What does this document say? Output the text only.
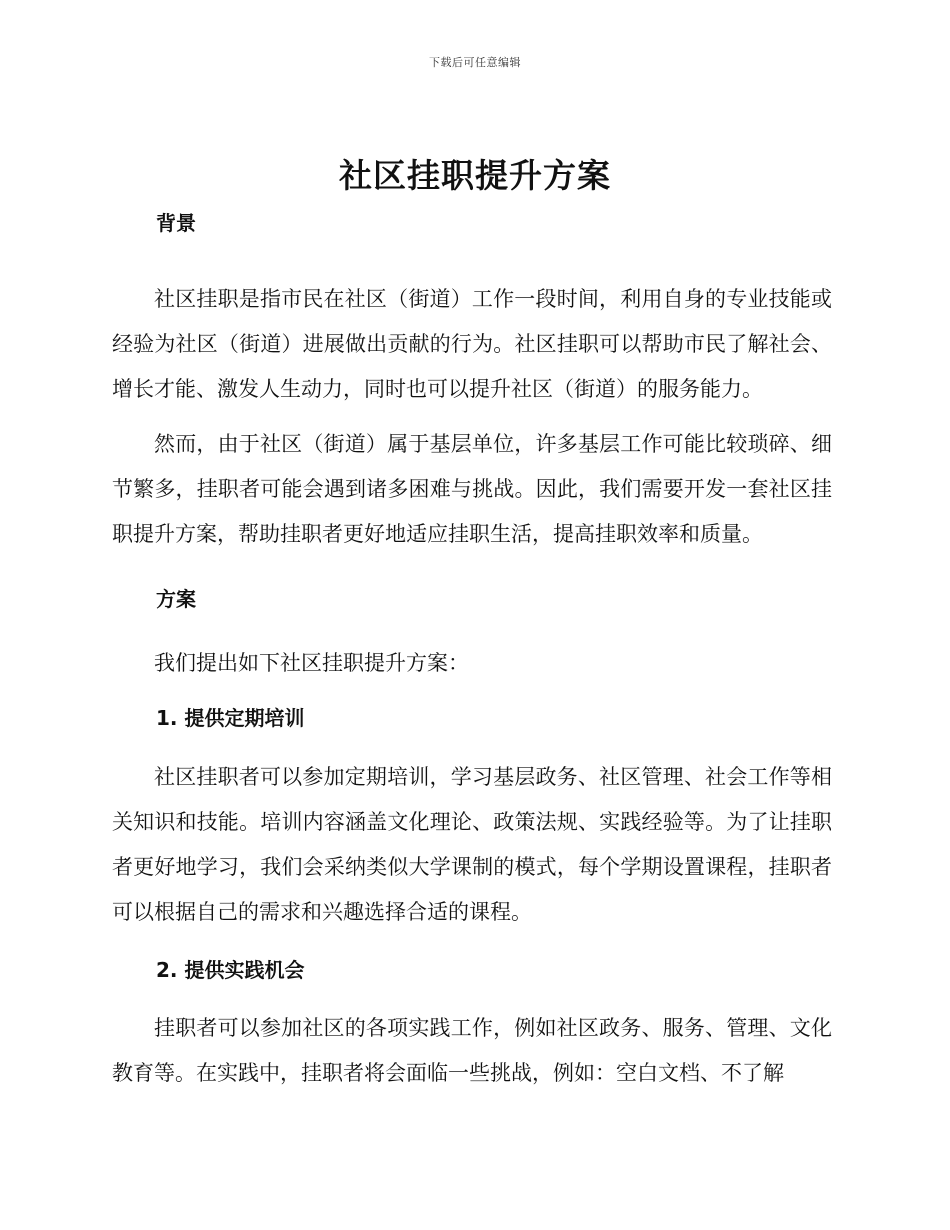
下载后可任意编辑
社区挂职提升方案

背景

社区挂职是指市民在社区（街道）工作一段时间，利用自身的专业技能或经验为社区（街道）进展做出贡献的行为。社区挂职可以帮助市民了解社会、增长才能、激发人生动力，同时也可以提升社区（街道）的服务能力。

然而，由于社区（街道）属于基层单位，许多基层工作可能比较琐碎、细节繁多，挂职者可能会遇到诸多困难与挑战。因此，我们需要开发一套社区挂职提升方案，帮助挂职者更好地适应挂职生活，提高挂职效率和质量。

方案

我们提出如下社区挂职提升方案：

1. 提供定期培训

社区挂职者可以参加定期培训，学习基层政务、社区管理、社会工作等相关知识和技能。培训内容涵盖文化理论、政策法规、实践经验等。为了让挂职者更好地学习，我们会采纳类似大学课制的模式，每个学期设置课程，挂职者可以根据自己的需求和兴趣选择合适的课程。

2. 提供实践机会

挂职者可以参加社区的各项实践工作，例如社区政务、服务、管理、文化教育等。在实践中，挂职者将会面临一些挑战，例如：空白文档、不了解
